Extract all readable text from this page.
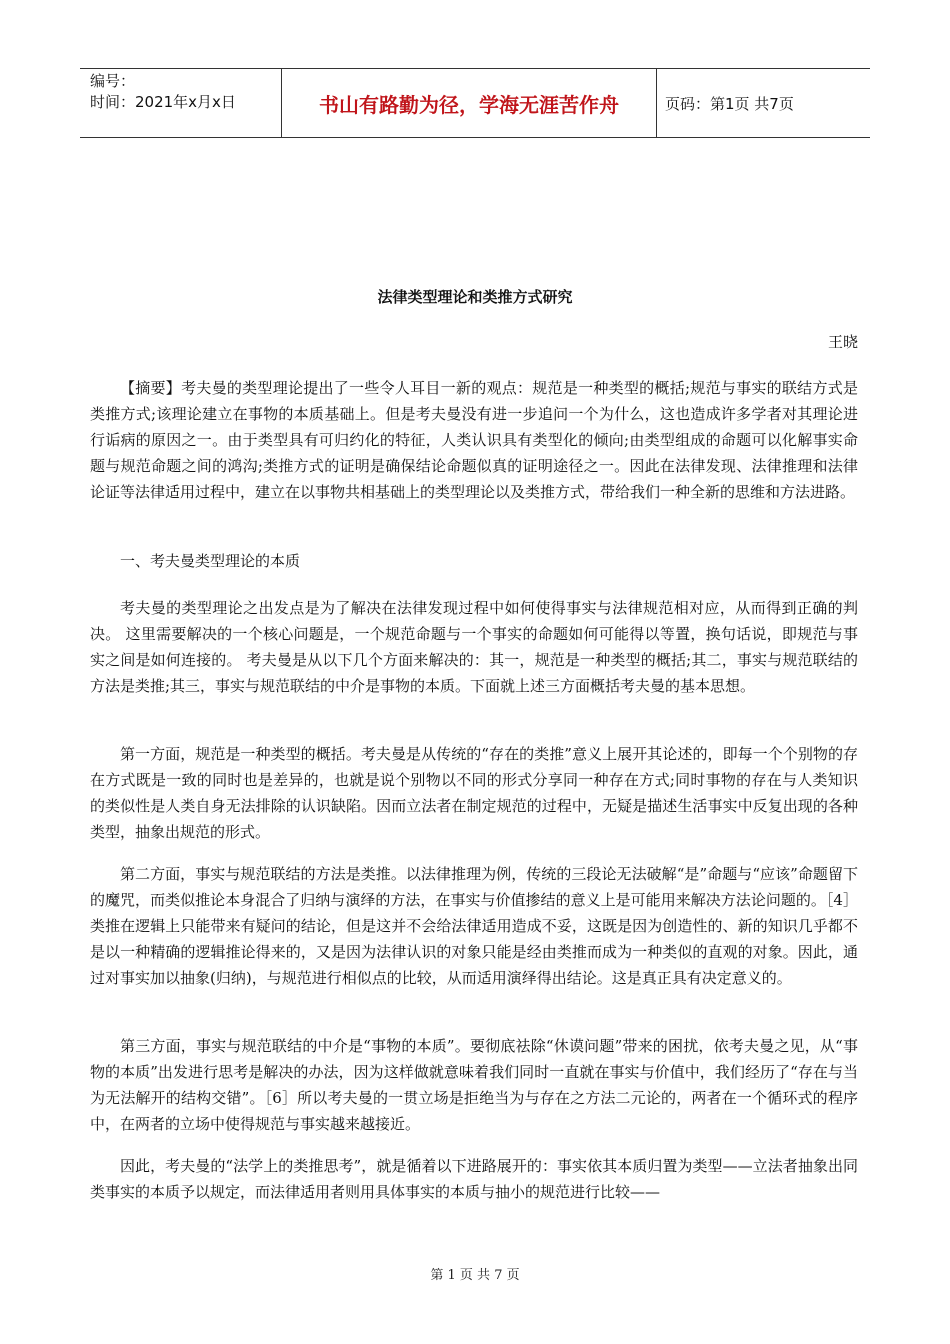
编号：
时间：2021年x月x日	书山有路勤为径，学海无涯苦作舟	页码：第1页 共7页
法律类型理论和类推方式研究
王晓

【摘要】考夫曼的类型理论提出了一些令人耳目一新的观点：规范是一种类型的概括;规范与事实的联结方式是类推方式;该理论建立在事物的本质基础上。但是考夫曼没有进一步追问一个为什么，这也造成许多学者对其理论进行诟病的原因之一。由于类型具有可归约化的特征，人类认识具有类型化的倾向;由类型组成的命题可以化解事实命题与规范命题之间的鸿沟;类推方式的证明是确保结论命题似真的证明途径之一。因此在法律发现、法律推理和法律论证等法律适用过程中，建立在以事物共相基础上的类型理论以及类推方式，带给我们一种全新的思维和方法进路。

一、考夫曼类型理论的本质

考夫曼的类型理论之出发点是为了解决在法律发现过程中如何使得事实与法律规范相对应，从而得到正确的判决。 这里需要解决的一个核心问题是，一个规范命题与一个事实的命题如何可能得以等置，换句话说，即规范与事实之间是如何连接的。 考夫曼是从以下几个方面来解决的：其一，规范是一种类型的概括;其二，事实与规范联结的方法是类推;其三，事实与规范联结的中介是事物的本质。下面就上述三方面概括考夫曼的基本思想。

第一方面，规范是一种类型的概括。考夫曼是从传统的“存在的类推”意义上展开其论述的，即每一个个别物的存在方式既是一致的同时也是差异的，也就是说个别物以不同的形式分享同一种存在方式;同时事物的存在与人类知识的类似性是人类自身无法排除的认识缺陷。因而立法者在制定规范的过程中，无疑是描述生活事实中反复出现的各种类型，抽象出规范的形式。

第二方面，事实与规范联结的方法是类推。以法律推理为例，传统的三段论无法破解“是”命题与“应该”命题留下的魔咒，而类似推论本身混合了归纳与演绎的方法，在事实与价值掺结的意义上是可能用来解决方法论问题的。［4］类推在逻辑上只能带来有疑问的结论，但是这并不会给法律适用造成不妥，这既是因为创造性的、新的知识几乎都不是以一种精确的逻辑推论得来的，又是因为法律认识的对象只能是经由类推而成为一种类似的直观的对象。因此，通过对事实加以抽象(归纳)，与规范进行相似点的比较，从而适用演绎得出结论。这是真正具有决定意义的。

第三方面，事实与规范联结的中介是“事物的本质”。要彻底祛除“休谟问题”带来的困扰，依考夫曼之见，从“事物的本质”出发进行思考是解决的办法，因为这样做就意味着我们同时一直就在事实与价值中，我们经历了“存在与当为无法解开的结构交错”。［6］所以考夫曼的一贯立场是拒绝当为与存在之方法二元论的，两者在一个循环式的程序中，在两者的立场中使得规范与事实越来越接近。

因此，考夫曼的“法学上的类推思考”，就是循着以下进路展开的：事实依其本质归置为类型——立法者抽象出同类事实的本质予以规定，而法律适用者则用具体事实的本质与抽小的规范进行比较——

第 1 页 共 7 页
